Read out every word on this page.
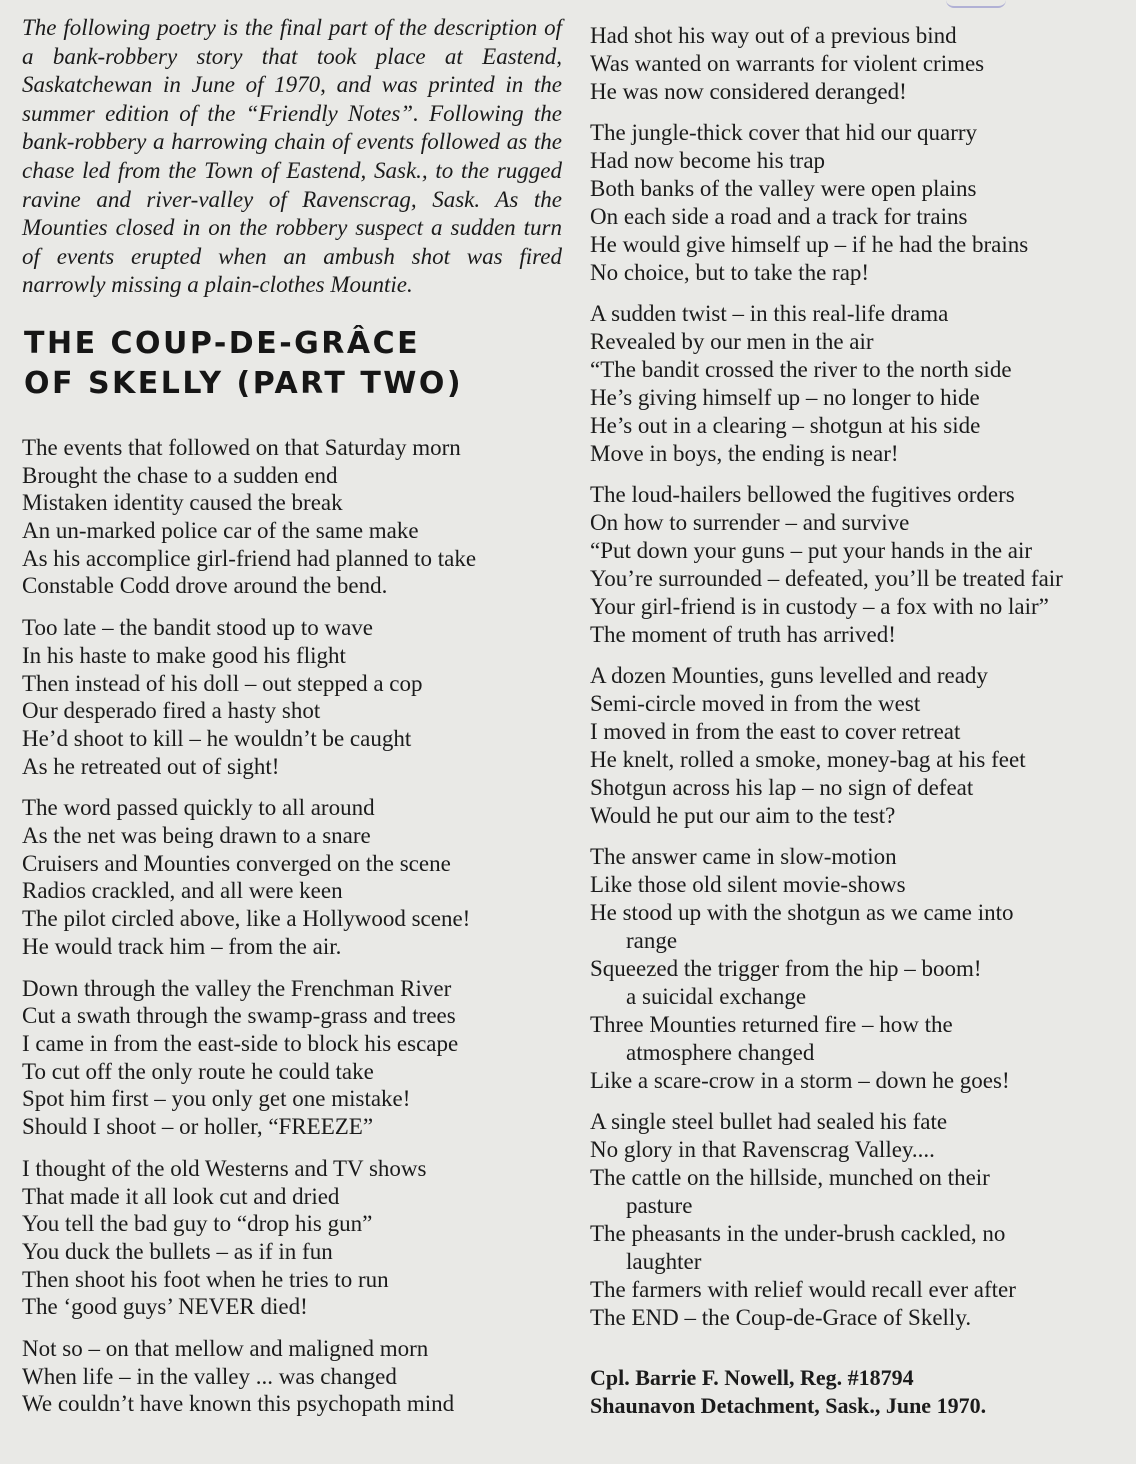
The following poetry is the final part of the description of a bank-robbery story that took place at Eastend, Saskatchewan in June of 1970, and was printed in the summer edition of the “Friendly Notes”. Following the bank-robbery a harrowing chain of events followed as the chase led from the Town of Eastend, Sask., to the rugged ravine and river-valley of Ravenscrag, Sask. As the Mounties closed in on the robbery suspect a sudden turn of events erupted when an ambush shot was fired narrowly missing a plain-clothes Mountie.

THE COUP-DE-GRÂCE
OF SKELLY (PART TWO)
The events that followed on that Saturday morn
Brought the chase to a sudden end
Mistaken identity caused the break
An un-marked police car of the same make
As his accomplice girl-friend had planned to take
Constable Codd drove around the bend.
Too late – the bandit stood up to wave
In his haste to make good his flight
Then instead of his doll – out stepped a cop
Our desperado fired a hasty shot
He’d shoot to kill – he wouldn’t be caught
As he retreated out of sight!
The word passed quickly to all around
As the net was being drawn to a snare
Cruisers and Mounties converged on the scene
Radios crackled, and all were keen
The pilot circled above, like a Hollywood scene!
He would track him – from the air.
Down through the valley the Frenchman River
Cut a swath through the swamp-grass and trees
I came in from the east-side to block his escape
To cut off the only route he could take
Spot him first – you only get one mistake!
Should I shoot – or holler, “FREEZE”
I thought of the old Westerns and TV shows
That made it all look cut and dried
You tell the bad guy to “drop his gun”
You duck the bullets – as if in fun
Then shoot his foot when he tries to run
The ‘good guys’ NEVER died!
Not so – on that mellow and maligned morn
When life – in the valley ... was changed
We couldn’t have known this psychopath mind
Had shot his way out of a previous bind
Was wanted on warrants for violent crimes
He was now considered deranged!
The jungle-thick cover that hid our quarry
Had now become his trap
Both banks of the valley were open plains
On each side a road and a track for trains
He would give himself up – if he had the brains
No choice, but to take the rap!
A sudden twist – in this real-life drama
Revealed by our men in the air
“The bandit crossed the river to the north side
He’s giving himself up – no longer to hide
He’s out in a clearing – shotgun at his side
Move in boys, the ending is near!
The loud-hailers bellowed the fugitives orders
On how to surrender – and survive
“Put down your guns – put your hands in the air
You’re surrounded – defeated, you’ll be treated fair
Your girl-friend is in custody – a fox with no lair”
The moment of truth has arrived!
A dozen Mounties, guns levelled and ready
Semi-circle moved in from the west
I moved in from the east to cover retreat
He knelt, rolled a smoke, money-bag at his feet
Shotgun across his lap – no sign of defeat
Would he put our aim to the test?
The answer came in slow-motion
Like those old silent movie-shows
He stood up with the shotgun as we came into
range
Squeezed the trigger from the hip – boom!
a suicidal exchange
Three Mounties returned fire – how the
atmosphere changed
Like a scare-crow in a storm – down he goes!
A single steel bullet had sealed his fate
No glory in that Ravenscrag Valley....
The cattle on the hillside, munched on their
pasture
The pheasants in the under-brush cackled, no
laughter
The farmers with relief would recall ever after
The END – the Coup-de-Grace of Skelly.
Cpl. Barrie F. Nowell, Reg. #18794
Shaunavon Detachment, Sask., June 1970.
